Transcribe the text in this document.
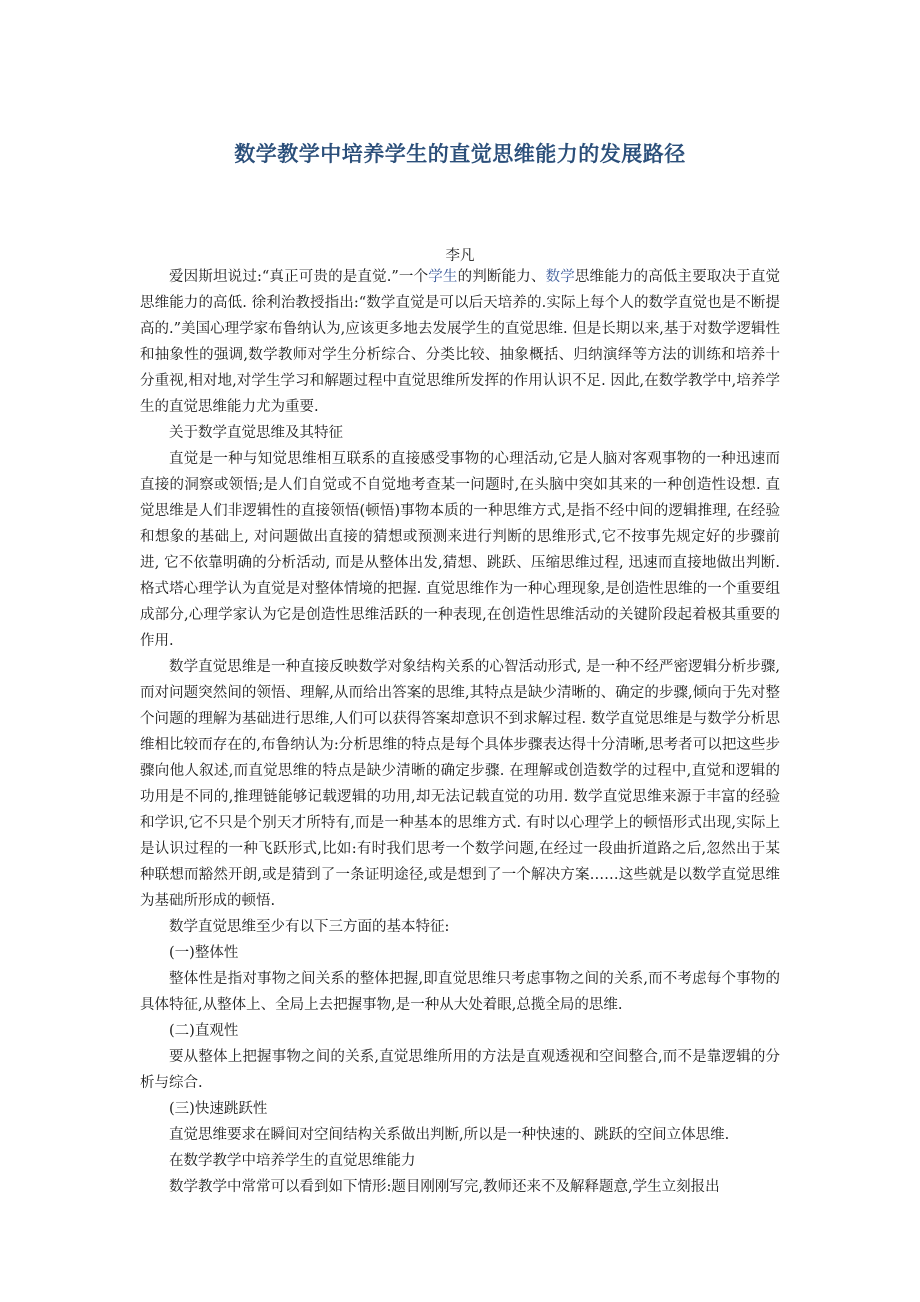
数学教学中培养学生的直觉思维能力的发展路径
李凡

爱因斯坦说过:“真正可贵的是直觉.”一个学生的判断能力、数学思维能力的高低主要取决于直觉思维能力的高低. 徐利治教授指出:“数学直觉是可以后天培养的.实际上每个人的数学直觉也是不断提高的.”美国心理学家布鲁纳认为,应该更多地去发展学生的直觉思维. 但是长期以来,基于对数学逻辑性和抽象性的强调,数学教师对学生分析综合、分类比较、抽象概括、归纳演绎等方法的训练和培养十分重视,相对地,对学生学习和解题过程中直觉思维所发挥的作用认识不足. 因此,在数学教学中,培养学生的直觉思维能力尤为重要.

关于数学直觉思维及其特征

直觉是一种与知觉思维相互联系的直接感受事物的心理活动,它是人脑对客观事物的一种迅速而直接的洞察或领悟;是人们自觉或不自觉地考查某一问题时,在头脑中突如其来的一种创造性设想. 直觉思维是人们非逻辑性的直接领悟(顿悟)事物本质的一种思维方式,是指不经中间的逻辑推理, 在经验和想象的基础上, 对问题做出直接的猜想或预测来进行判断的思维形式,它不按事先规定好的步骤前进, 它不依靠明确的分析活动, 而是从整体出发,猜想、跳跃、压缩思维过程, 迅速而直接地做出判断. 格式塔心理学认为直觉是对整体情境的把握. 直觉思维作为一种心理现象,是创造性思维的一个重要组成部分,心理学家认为它是创造性思维活跃的一种表现,在创造性思维活动的关键阶段起着极其重要的作用.

数学直觉思维是一种直接反映数学对象结构关系的心智活动形式, 是一种不经严密逻辑分析步骤,而对问题突然间的领悟、理解,从而给出答案的思维,其特点是缺少清晰的、确定的步骤,倾向于先对整个问题的理解为基础进行思维,人们可以获得答案却意识不到求解过程. 数学直觉思维是与数学分析思维相比较而存在的,布鲁纳认为:分析思维的特点是每个具体步骤表达得十分清晰,思考者可以把这些步骤向他人叙述,而直觉思维的特点是缺少清晰的确定步骤. 在理解或创造数学的过程中,直觉和逻辑的功用是不同的,推理链能够记载逻辑的功用,却无法记载直觉的功用. 数学直觉思维来源于丰富的经验和学识,它不只是个别天才所特有,而是一种基本的思维方式. 有时以心理学上的顿悟形式出现,实际上是认识过程的一种飞跃形式,比如:有时我们思考一个数学问题,在经过一段曲折道路之后,忽然出于某种联想而豁然开朗,或是猜到了一条证明途径,或是想到了一个解决方案……这些就是以数学直觉思维为基础所形成的顿悟.

数学直觉思维至少有以下三方面的基本特征:

(一)整体性

整体性是指对事物之间关系的整体把握,即直觉思维只考虑事物之间的关系,而不考虑每个事物的具体特征,从整体上、全局上去把握事物,是一种从大处着眼,总揽全局的思维.

(二)直观性

要从整体上把握事物之间的关系,直觉思维所用的方法是直观透视和空间整合,而不是靠逻辑的分析与综合.

(三)快速跳跃性

直觉思维要求在瞬间对空间结构关系做出判断,所以是一种快速的、跳跃的空间立体思维.

在数学教学中培养学生的直觉思维能力

数学教学中常常可以看到如下情形:题目刚刚写完,教师还来不及解释题意,学生立刻报出
